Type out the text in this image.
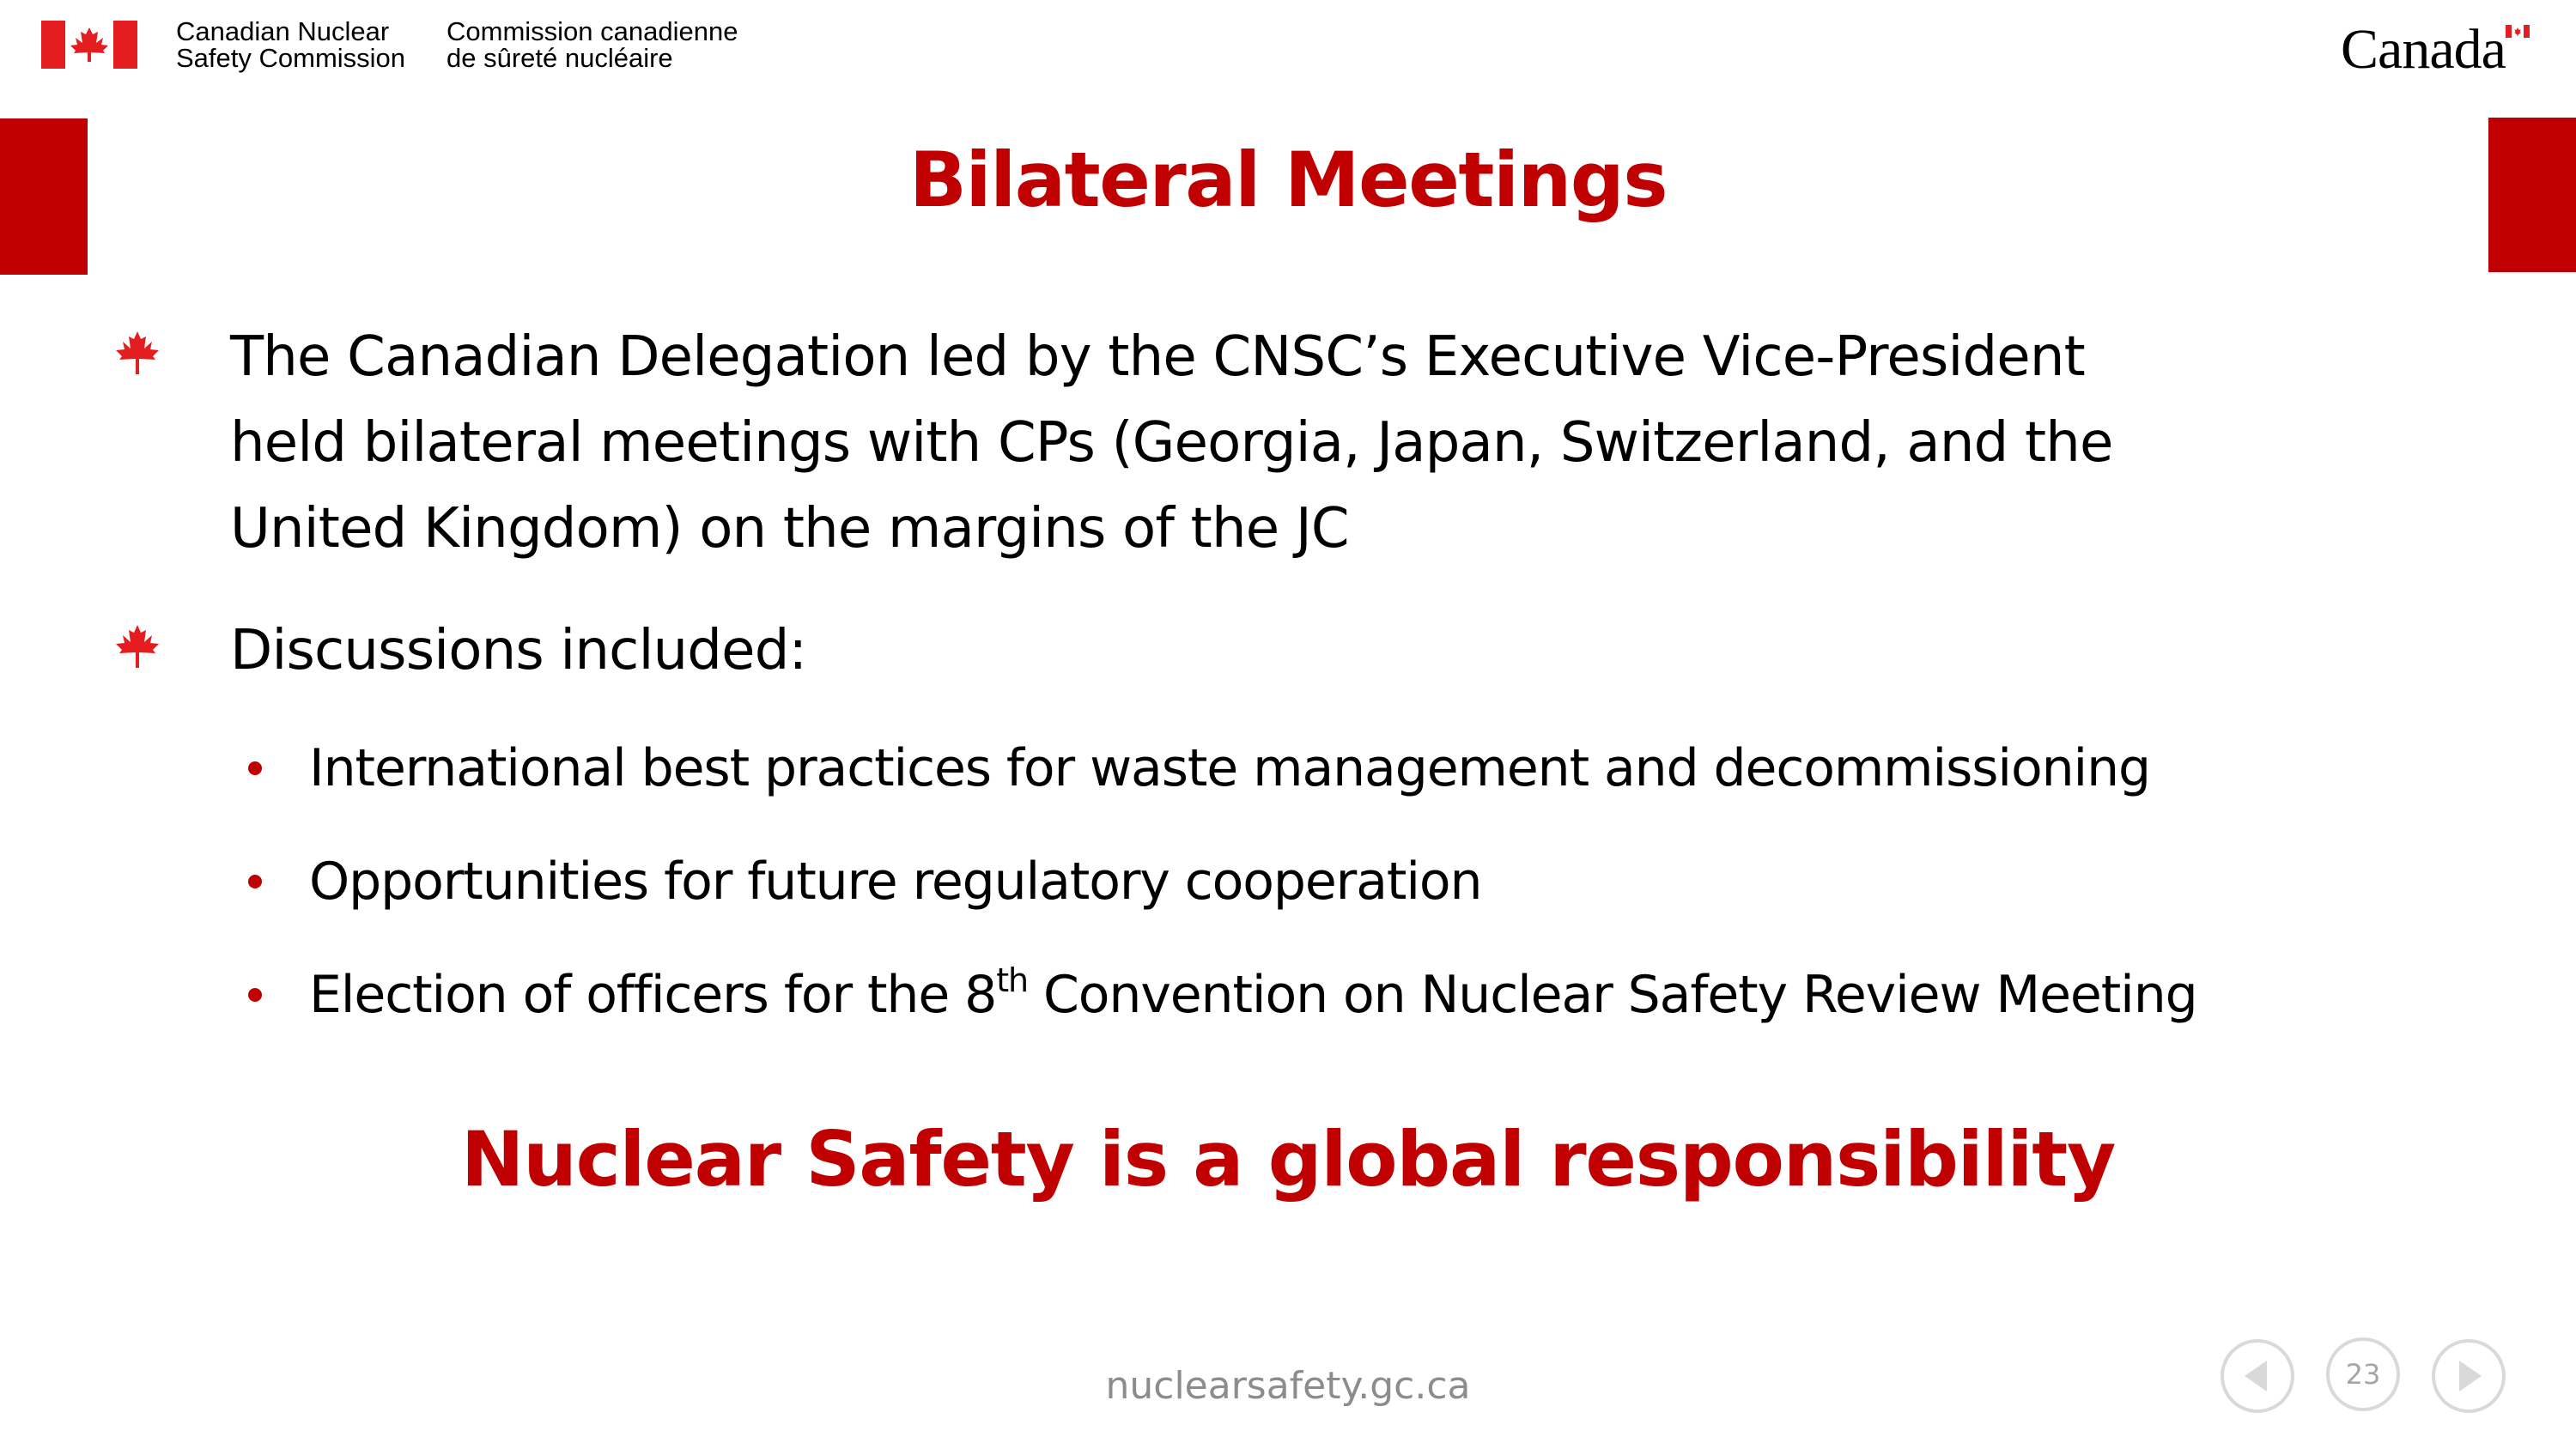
Canadian Nuclear
Safety Commission
Commission canadienne
de sûreté nucléaire	Canada
Bilateral Meetings
The Canadian Delegation led by the CNSC’s Executive Vice-President
held bilateral meetings with CPs (Georgia, Japan, Switzerland, and the
United Kingdom) on the margins of the JC
Discussions included:
International best practices for waste management and decommissioning
Opportunities for future regulatory cooperation
Election of officers for the 8th Convention on Nuclear Safety Review Meeting
Nuclear Safety is a global responsibility
nuclearsafety.gc.ca	23
